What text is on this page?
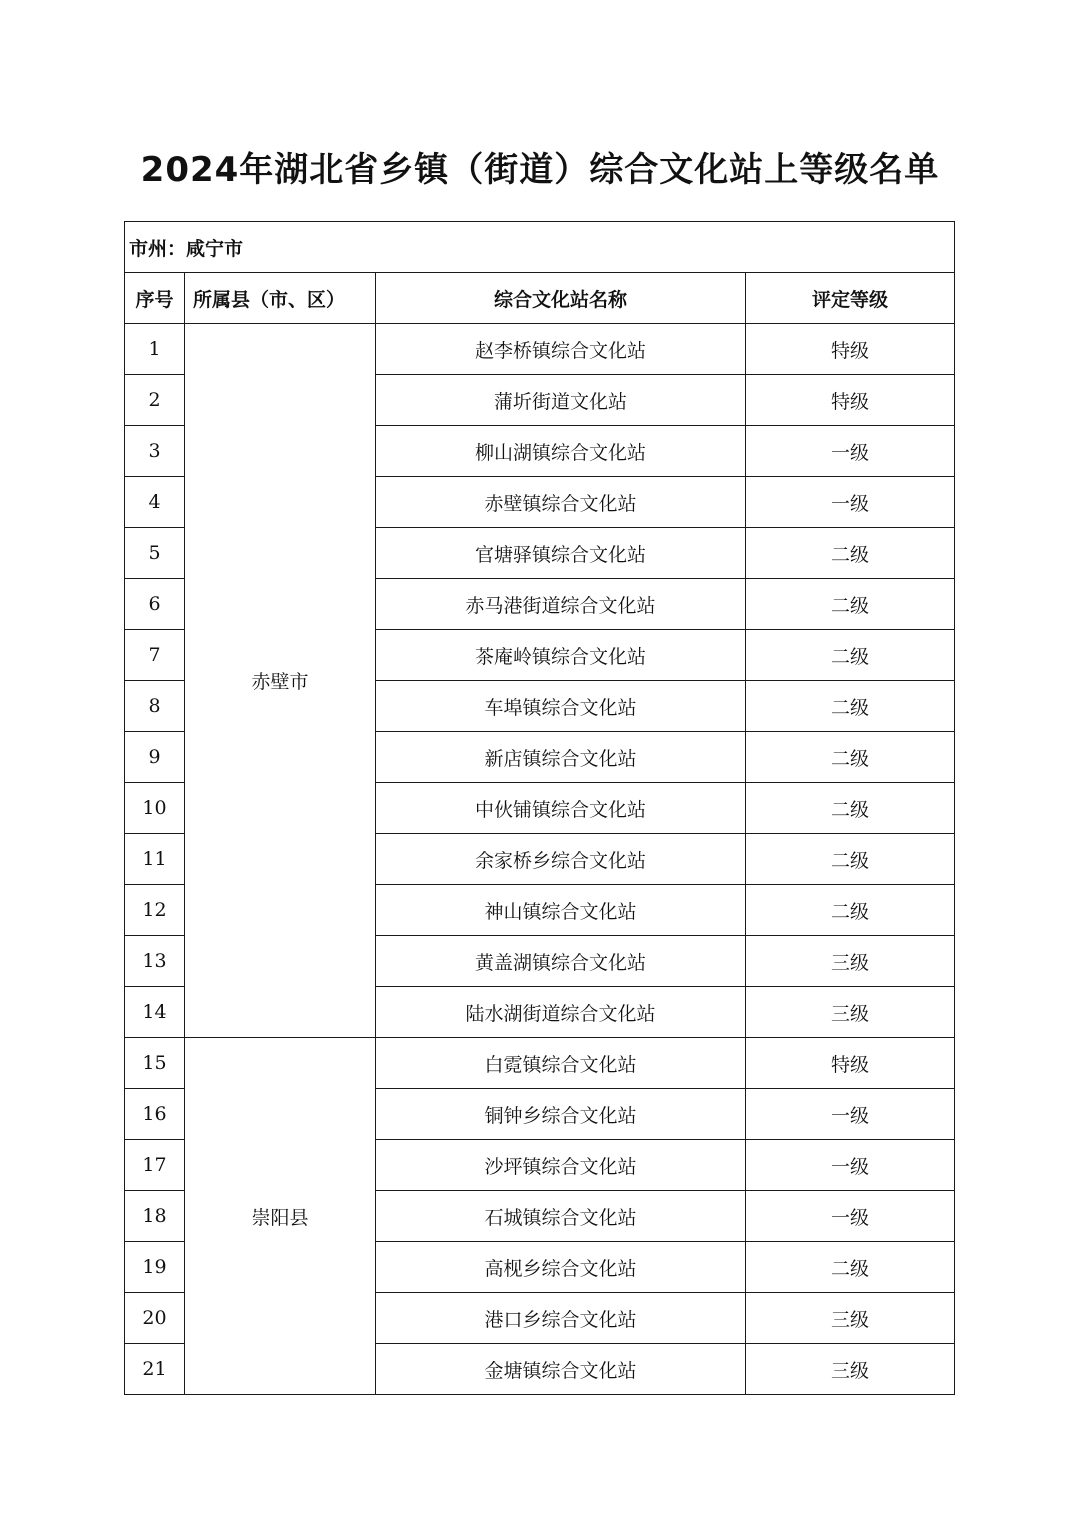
2024年湖北省乡镇（街道）综合文化站上等级名单
市州：咸宁市			
序号	所属县（市、区）	综合文化站名称	评定等级
1	赤壁市	赵李桥镇综合文化站	特级
2		蒲圻街道文化站	特级
3		柳山湖镇综合文化站	一级
4		赤壁镇综合文化站	一级
5		官塘驿镇综合文化站	二级
6		赤马港街道综合文化站	二级
7		茶庵岭镇综合文化站	二级
8		车埠镇综合文化站	二级
9		新店镇综合文化站	二级
10		中伙铺镇综合文化站	二级
11		余家桥乡综合文化站	二级
12		神山镇综合文化站	二级
13		黄盖湖镇综合文化站	三级
14		陆水湖街道综合文化站	三级
15	崇阳县	白霓镇综合文化站	特级
16		铜钟乡综合文化站	一级
17		沙坪镇综合文化站	一级
18		石城镇综合文化站	一级
19		高枧乡综合文化站	二级
20		港口乡综合文化站	三级
21		金塘镇综合文化站	三级
